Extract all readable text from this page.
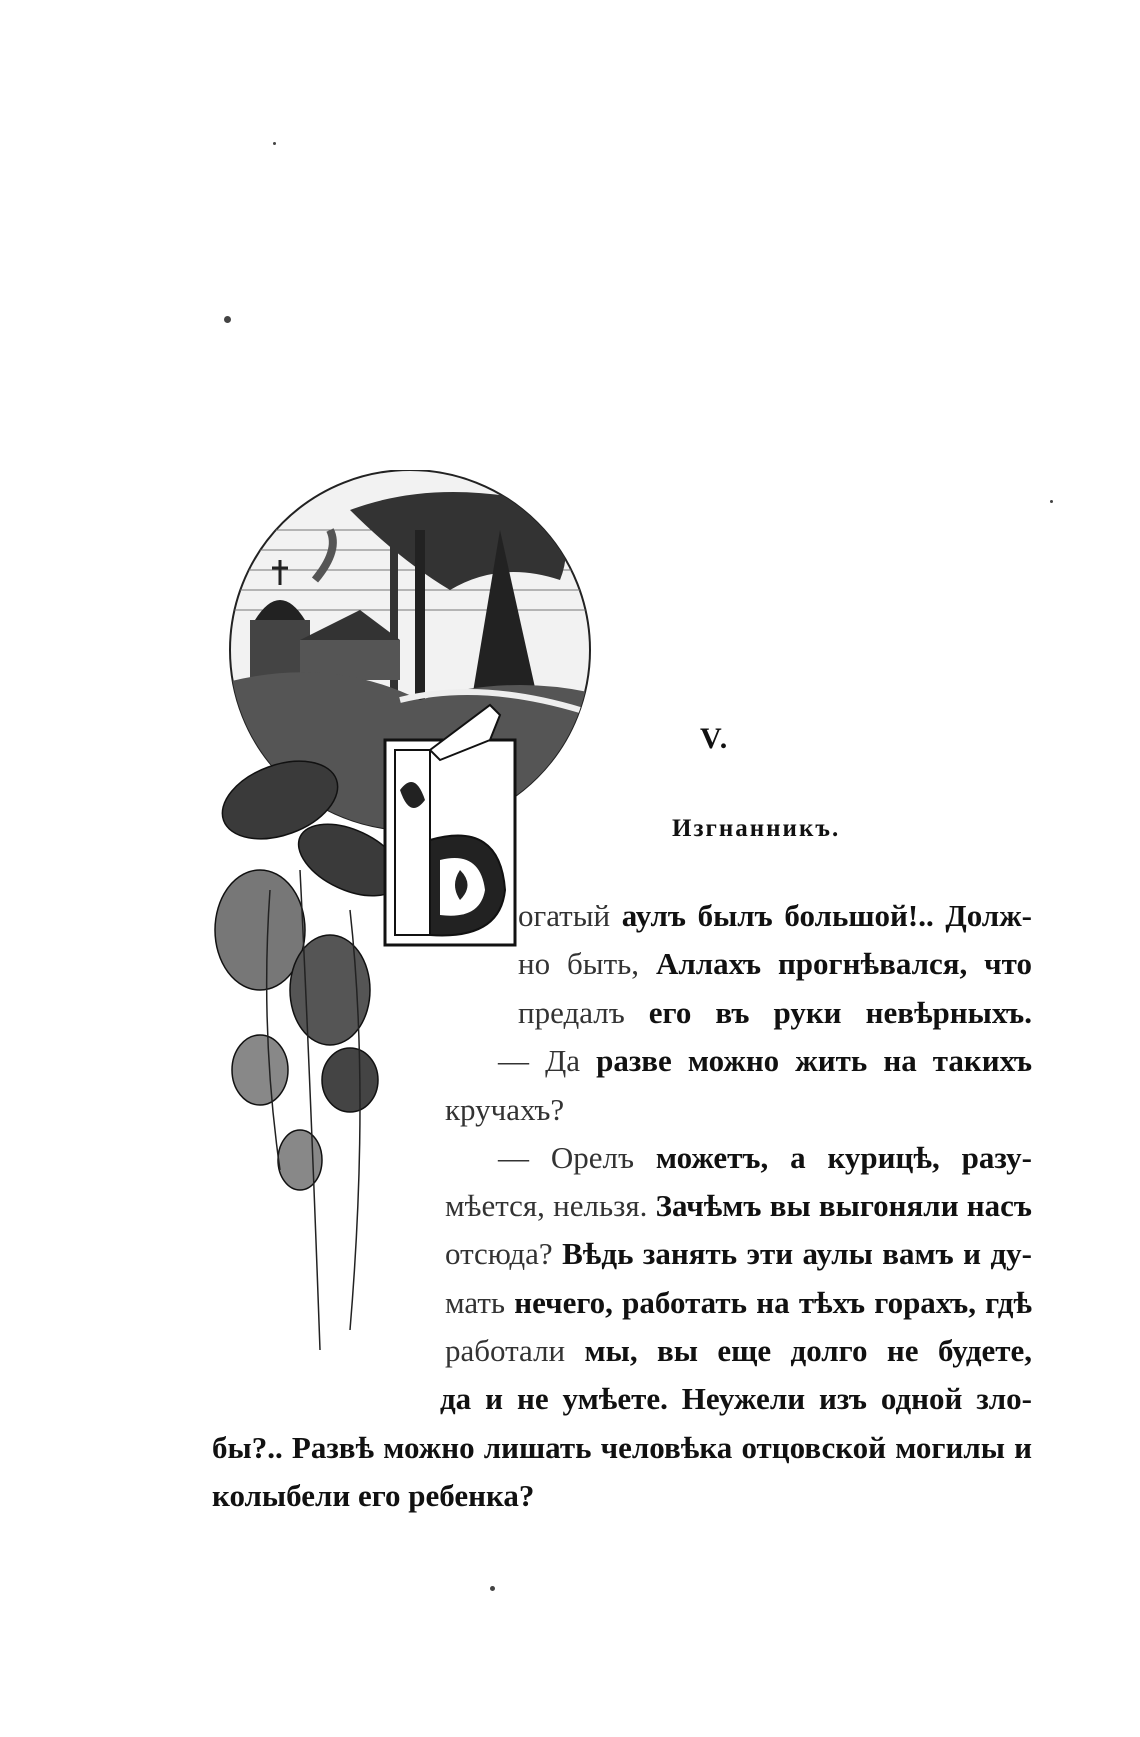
V.
Изгнанникъ.
огатый аулъ былъ большой!.. Долж-
но быть, Аллахъ прогнѣвался, что
предалъ его въ руки невѣрныхъ.
— Да разве можно жить на такихъ
кручахъ?
— Орелъ можетъ, а курицѣ, разу-
мѣется, нельзя. Зачѣмъ вы выгоняли насъ
отсюда? Вѣдь занять эти аулы вамъ и ду-
мать нечего, работать на тѣхъ горахъ, гдѣ
работали мы, вы еще долго не будете,
да и не умѣете. Неужели изъ одной зло-
бы?.. Развѣ можно лишать человѣка отцовской могилы и
колыбели его ребенка?
